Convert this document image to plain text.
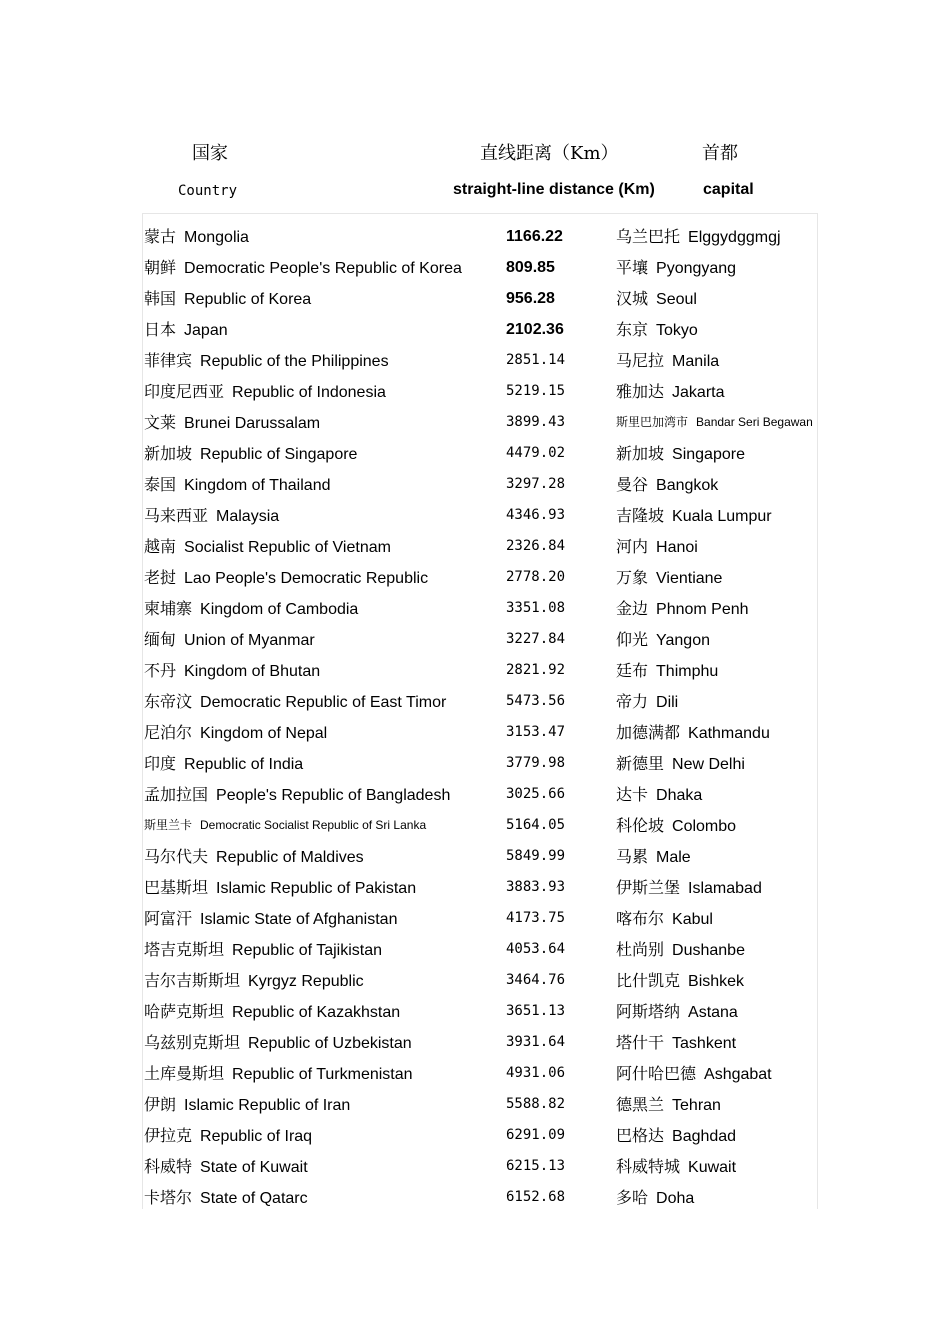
国家	直线距离（Km）	首都
Country	straight-line distance (Km)	capital
蒙古 Mongolia	1166.22	乌兰巴托 Elggydggmgj
朝鲜 Democratic People's Republic of Korea	809.85	平壤 Pyongyang
韩国 Republic of Korea	956.28	汉城 Seoul
日本 Japan	2102.36	东京 Tokyo
菲律宾 Republic of the Philippines	2851.14	马尼拉 Manila
印度尼西亚 Republic of Indonesia	5219.15	雅加达 Jakarta
文莱 Brunei Darussalam	3899.43	斯里巴加湾市 Bandar Seri Begawan
新加坡 Republic of Singapore	4479.02	新加坡 Singapore
泰国 Kingdom of Thailand	3297.28	曼谷 Bangkok
马来西亚 Malaysia	4346.93	吉隆坡 Kuala Lumpur
越南 Socialist Republic of Vietnam	2326.84	河内 Hanoi
老挝 Lao People's Democratic Republic	2778.20	万象 Vientiane
柬埔寨 Kingdom of Cambodia	3351.08	金边 Phnom Penh
缅甸 Union of Myanmar	3227.84	仰光 Yangon
不丹 Kingdom of Bhutan	2821.92	廷布 Thimphu
东帝汶 Democratic Republic of East Timor	5473.56	帝力 Dili
尼泊尔 Kingdom of Nepal	3153.47	加德满都 Kathmandu
印度 Republic of India	3779.98	新德里 New Delhi
孟加拉国 People's Republic of Bangladesh	3025.66	达卡 Dhaka
斯里兰卡 Democratic Socialist Republic of Sri Lanka	5164.05	科伦坡 Colombo
马尔代夫 Republic of Maldives	5849.99	马累 Male
巴基斯坦 Islamic Republic of Pakistan	3883.93	伊斯兰堡 Islamabad
阿富汗 Islamic State of Afghanistan	4173.75	喀布尔 Kabul
塔吉克斯坦 Republic of Tajikistan	4053.64	杜尚别 Dushanbe
吉尔吉斯斯坦 Kyrgyz Republic	3464.76	比什凯克 Bishkek
哈萨克斯坦 Republic of Kazakhstan	3651.13	阿斯塔纳 Astana
乌兹别克斯坦 Republic of Uzbekistan	3931.64	塔什干 Tashkent
土库曼斯坦 Republic of Turkmenistan	4931.06	阿什哈巴德 Ashgabat
伊朗 Islamic Republic of Iran	5588.82	德黑兰 Tehran
伊拉克 Republic of Iraq	6291.09	巴格达 Baghdad
科威特 State of Kuwait	6215.13	科威特城 Kuwait
卡塔尔 State of Qatarc	6152.68	多哈 Doha
